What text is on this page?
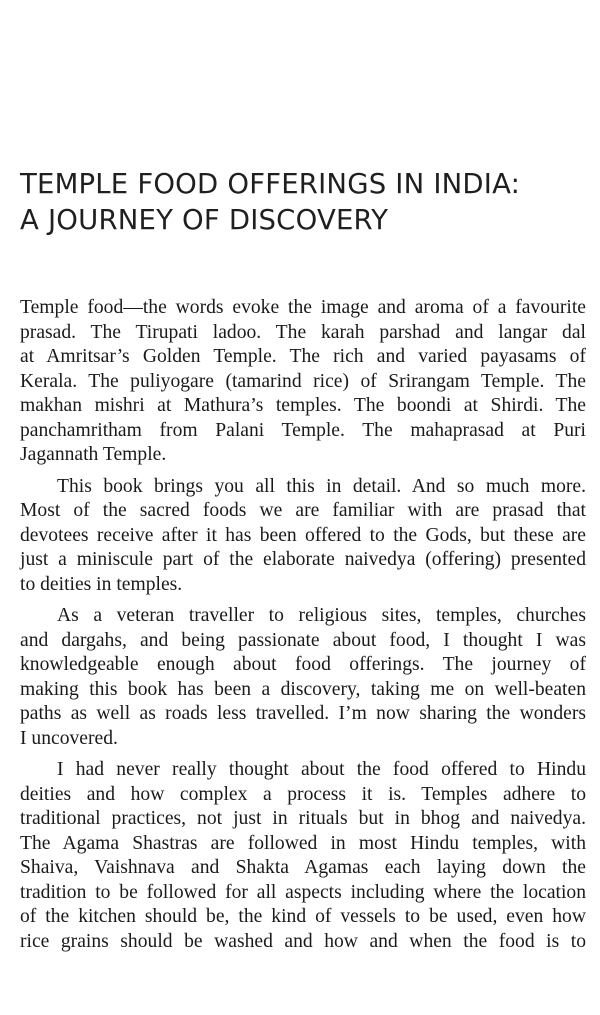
TEMPLE FOOD OFFERINGS IN INDIA:
A JOURNEY OF DISCOVERY

Temple food—the words evoke the image and aroma of a favourite
prasad. The Tirupati ladoo. The karah parshad and langar dal
at Amritsar’s Golden Temple. The rich and varied payasams of
Kerala. The puliyogare (tamarind rice) of Srirangam Temple. The
makhan mishri at Mathura’s temples. The boondi at Shirdi. The
panchamritham from Palani Temple. The mahaprasad at Puri
Jagannath Temple.

This book brings you all this in detail. And so much more.
Most of the sacred foods we are familiar with are prasad that
devotees receive after it has been offered to the Gods, but these are
just a miniscule part of the elaborate naivedya (offering) presented
to deities in temples.

As a veteran traveller to religious sites, temples, churches
and dargahs, and being passionate about food, I thought I was
knowledgeable enough about food offerings. The journey of
making this book has been a discovery, taking me on well-beaten
paths as well as roads less travelled. I’m now sharing the wonders
I uncovered.

I had never really thought about the food offered to Hindu
deities and how complex a process it is. Temples adhere to
traditional practices, not just in rituals but in bhog and naivedya.
The Agama Shastras are followed in most Hindu temples, with
Shaiva, Vaishnava and Shakta Agamas each laying down the
tradition to be followed for all aspects including where the location
of the kitchen should be, the kind of vessels to be used, even how
rice grains should be washed and how and when the food is to
